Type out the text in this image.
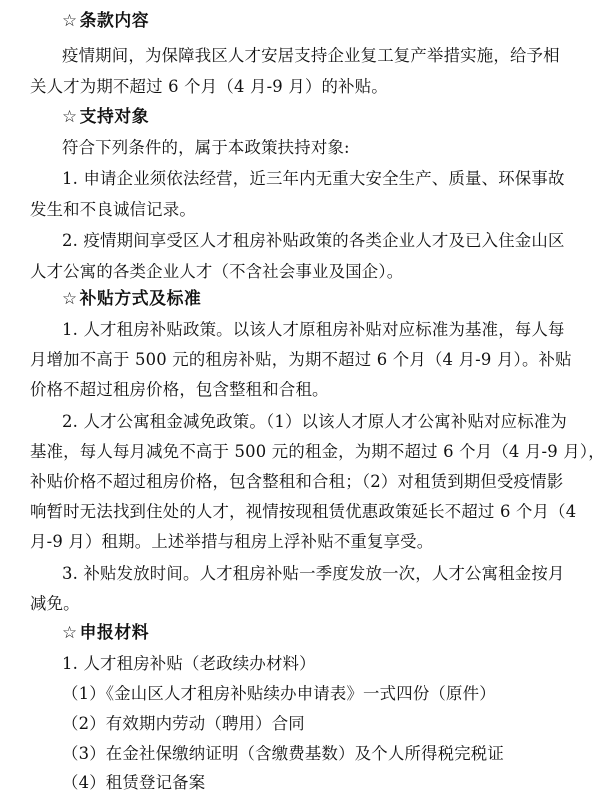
☆ 条款内容
疫情期间，为保障我区人才安居支持企业复工复产举措实施，给予相
关人才为期不超过 6 个月（4 月-9 月）的补贴。
☆ 支持对象
符合下列条件的，属于本政策扶持对象:
1. 申请企业须依法经营，近三年内无重大安全生产、质量、环保事故
发生和不良诚信记录。
2. 疫情期间享受区人才租房补贴政策的各类企业人才及已入住金山区
人才公寓的各类企业人才（不含社会事业及国企）。
☆ 补贴方式及标准
1. 人才租房补贴政策。以该人才原租房补贴对应标准为基准，每人每
月增加不高于 500 元的租房补贴，为期不超过 6 个月（4 月-9 月）。补贴
价格不超过租房价格，包含整租和合租。
2. 人才公寓租金减免政策。（1）以该人才原人才公寓补贴对应标准为
基准，每人每月减免不高于 500 元的租金，为期不超过 6 个月（4 月-9 月），
补贴价格不超过租房价格，包含整租和合租；（2）对租赁到期但受疫情影
响暂时无法找到住处的人才，视情按现租赁优惠政策延长不超过 6 个月（4
月-9 月）租期。上述举措与租房上浮补贴不重复享受。
3. 补贴发放时间。人才租房补贴一季度发放一次，人才公寓租金按月
减免。
☆ 申报材料
1. 人才租房补贴（老政续办材料）
（1）《金山区人才租房补贴续办申请表》一式四份（原件）
（2）有效期内劳动（聘用）合同
（3）在金社保缴纳证明（含缴费基数）及个人所得税完税证
（4）租赁登记备案
